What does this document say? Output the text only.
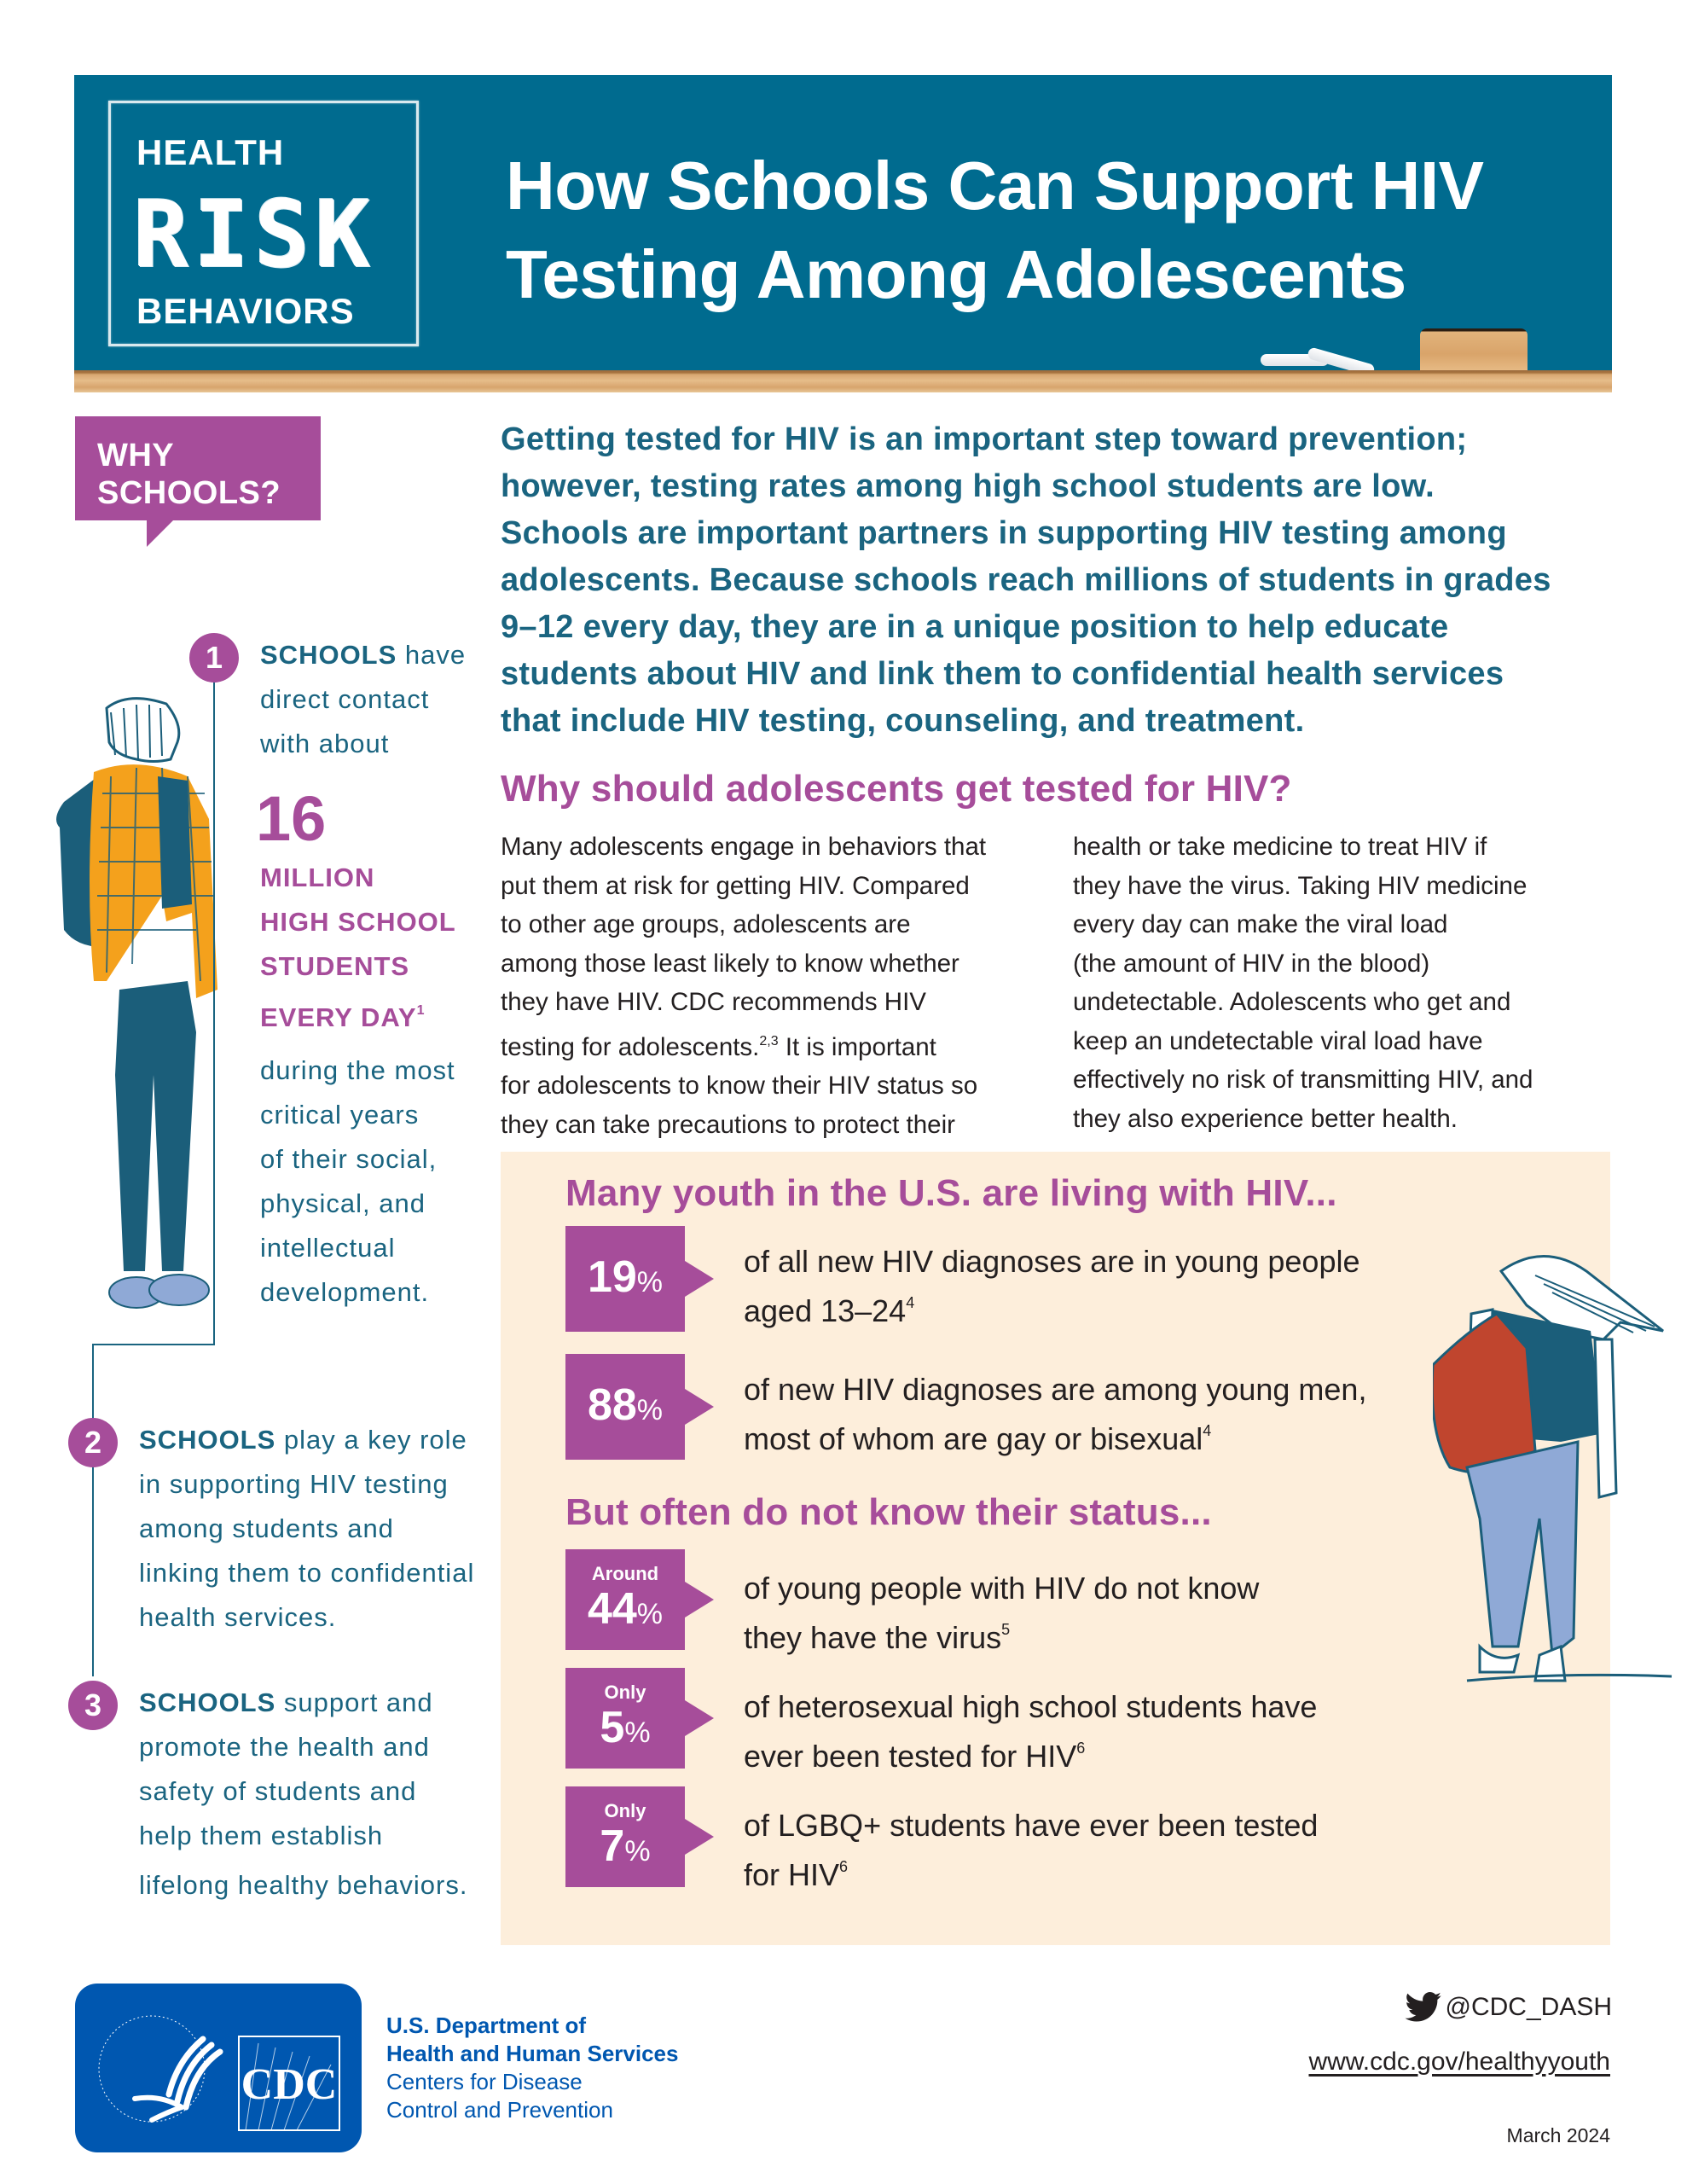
HEALTH
RISK
BEHAVIORS
How Schools Can Support HIV
Testing Among Adolescents
WHY
SCHOOLS?
1	SCHOOLS have
direct contact
with about
16
MILLION
HIGH SCHOOL
STUDENTS
EVERY DAY$^1$
during the most
critical years
of their social,
physical, and
intellectual
development.
2	SCHOOLS play a key role
in supporting HIV testing
among students and
linking them to confidential
health services.
3	SCHOOLS support and
promote the health and
safety of students and
help them establish
lifelong healthy behaviors.
Getting tested for HIV is an important step toward prevention;
however, testing rates among high school students are low.
Schools are important partners in supporting HIV testing among
adolescents. Because schools reach millions of students in grades
9–12 every day, they are in a unique position to help educate
students about HIV and link them to confidential health services
that include HIV testing, counseling, and treatment.
Why should adolescents get tested for HIV?
Many adolescents engage in behaviors that
put them at risk for getting HIV. Compared
to other age groups, adolescents are
among those least likely to know whether
they have HIV. CDC recommends HIV
testing for adolescents.$^{2,3}$ It is important
for adolescents to know their HIV status so
they can take precautions to protect their
health or take medicine to treat HIV if
they have the virus. Taking HIV medicine
every day can make the viral load
(the amount of HIV in the blood)
undetectable. Adolescents who get and
keep an undetectable viral load have
effectively no risk of transmitting HIV, and
they also experience better health.
Many youth in the U.S. are living with HIV...
19%
of all new HIV diagnoses are in young people
aged $13-24^4$
88%
of new HIV diagnoses are among young men,
most of whom are gay or bisexual$^4$
But often do not know their status...
Around
44%
of young people with HIV do not know
they have the virus$^5$
Only
5%
of heterosexual high school students have
ever been tested for HIV$^6$
Only
7%
of LGBQ+ students have ever been tested
for HIV$^6$
CDC
U.S. Department of
Health and Human Services
Centers for Disease
Control and Prevention
@CDC_DASH
www.cdc.gov/healthyyouth
March 2024
